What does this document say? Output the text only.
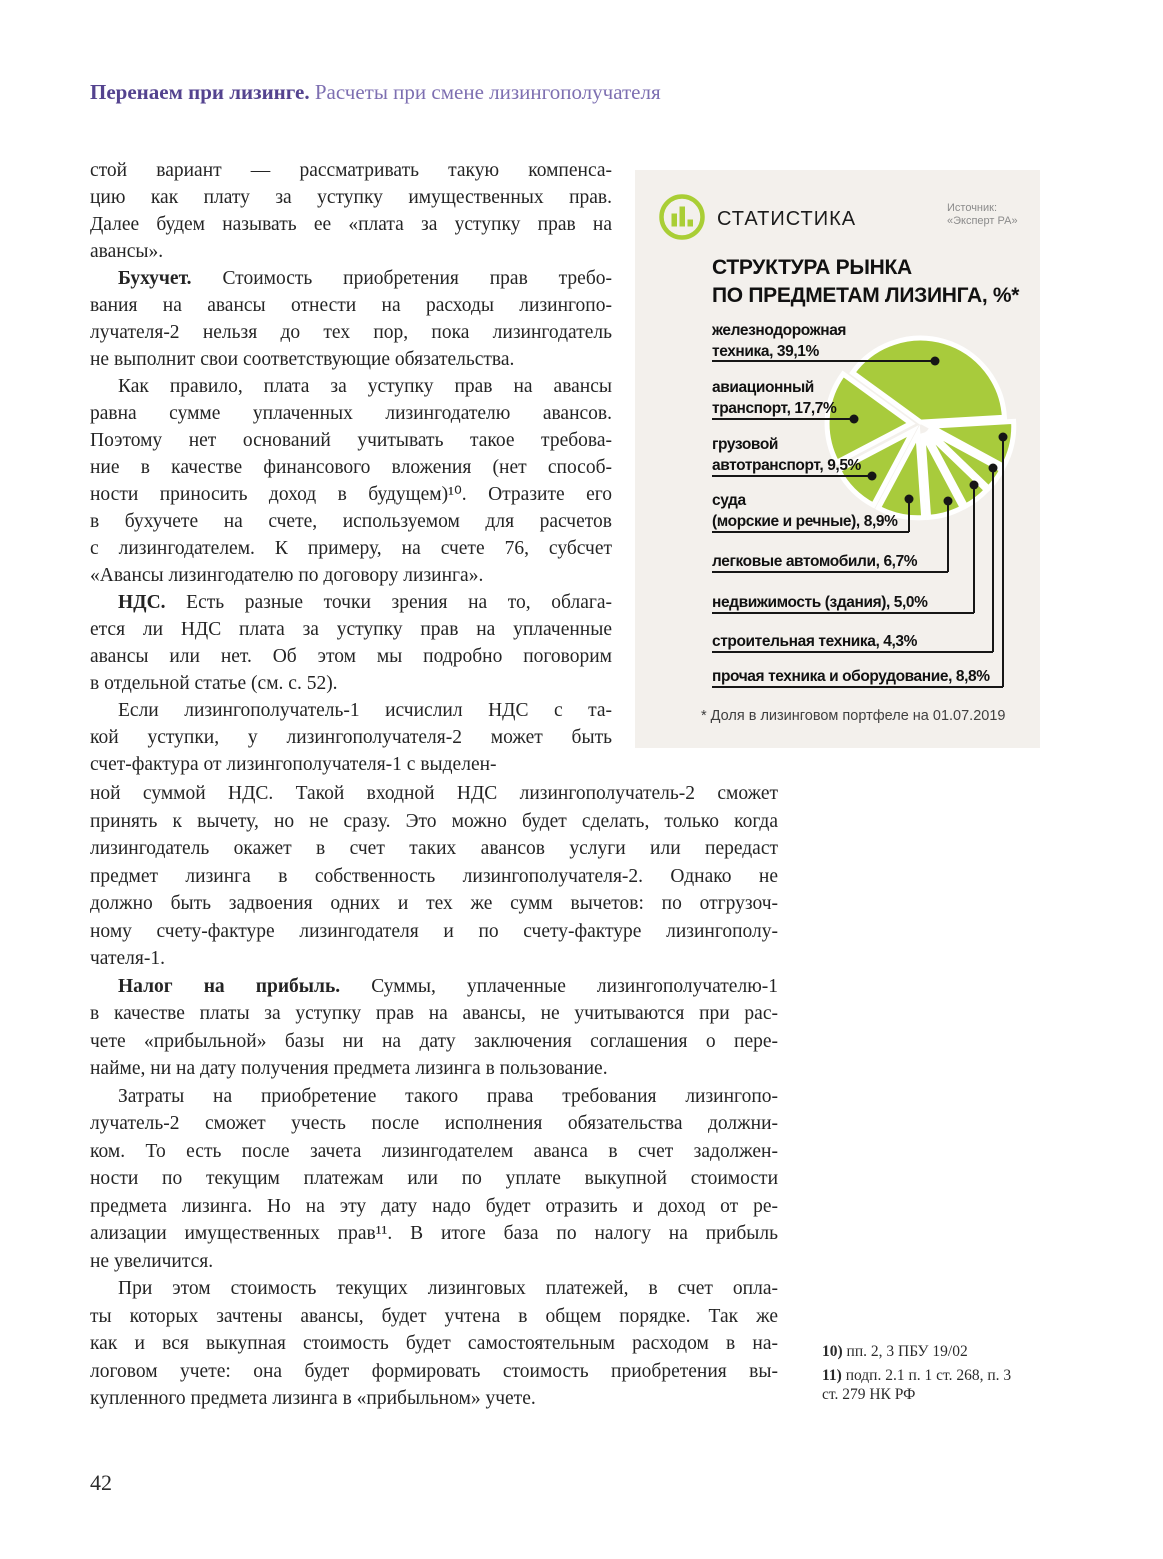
Перенаем при лизинге. Расчеты при смене лизингополучателя
стой вариант — рассматривать такую компенса-
цию как плату за уступку имущественных прав.
Далее будем называть ее «плата за уступку прав на
авансы».
Бухучет. Стоимость приобретения прав требо-
вания на авансы отнести на расходы лизингопо-
лучателя-2 нельзя до тех пор, пока лизингодатель
не выполнит свои соответствующие обязательства.
Как правило, плата за уступку прав на авансы
равна сумме уплаченных лизингодателю авансов.
Поэтому нет оснований учитывать такое требова-
ние в качестве финансового вложения (нет способ-
ности приносить доход в будущем)¹⁰. Отразите его
в бухучете на счете, используемом для расчетов
с лизингодателем. К примеру, на счете 76, субсчет
«Авансы лизингодателю по договору лизинга».
НДС. Есть разные точки зрения на то, облага-
ется ли НДС плата за уступку прав на уплаченные
авансы или нет. Об этом мы подробно поговорим
в отдельной статье (см. с. 52).
Если лизингополучатель-1 исчислил НДС с та-
кой уступки, у лизингополучателя-2 может быть
счет-фактура от лизингополучателя-1 с выделен-
СТАТИСТИКА	Источник:
«Эксперт РА»
СТРУКТУРА РЫНКА
ПО ПРЕДМЕТАМ ЛИЗИНГА, %*
железнодорожная
техника, 39,1%
авиационный
транспорт, 17,7%
грузовой
автотранспорт, 9,5%
суда
(морские и речные), 8,9%
легковые автомобили, 6,7%
недвижимость (здания), 5,0%
строительная техника, 4,3%
прочая техника и оборудование, 8,8%
* Доля в лизинговом портфеле на 01.07.2019
ной суммой НДС. Такой входной НДС лизингополучатель-2 сможет
принять к вычету, но не сразу. Это можно будет сделать, только когда
лизингодатель окажет в счет таких авансов услуги или передаст
предмет лизинга в собственность лизингополучателя-2. Однако не
должно быть задвоения одних и тех же сумм вычетов: по отгрузоч-
ному счету-фактуре лизингодателя и по счету-фактуре лизингополу-
чателя-1.
Налог на прибыль. Суммы, уплаченные лизингополучателю-1
в качестве платы за уступку прав на авансы, не учитываются при рас-
чете «прибыльной» базы ни на дату заключения соглашения о пере-
найме, ни на дату получения предмета лизинга в пользование.
Затраты на приобретение такого права требования лизингопо-
лучатель-2 сможет учесть после исполнения обязательства должни-
ком. То есть после зачета лизингодателем аванса в счет задолжен-
ности по текущим платежам или по уплате выкупной стоимости
предмета лизинга. Но на эту дату надо будет отразить и доход от ре-
ализации имущественных прав¹¹. В итоге база по налогу на прибыль
не увеличится.
При этом стоимость текущих лизинговых платежей, в счет опла-
ты которых зачтены авансы, будет учтена в общем порядке. Так же
как и вся выкупная стоимость будет самостоятельным расходом в на-
логовом учете: она будет формировать стоимость приобретения вы-
купленного предмета лизинга в «прибыльном» учете.
10) пп. 2, 3 ПБУ 19/02
11) подп. 2.1 п. 1 ст. 268, п. 3
ст. 279 НК РФ
42
